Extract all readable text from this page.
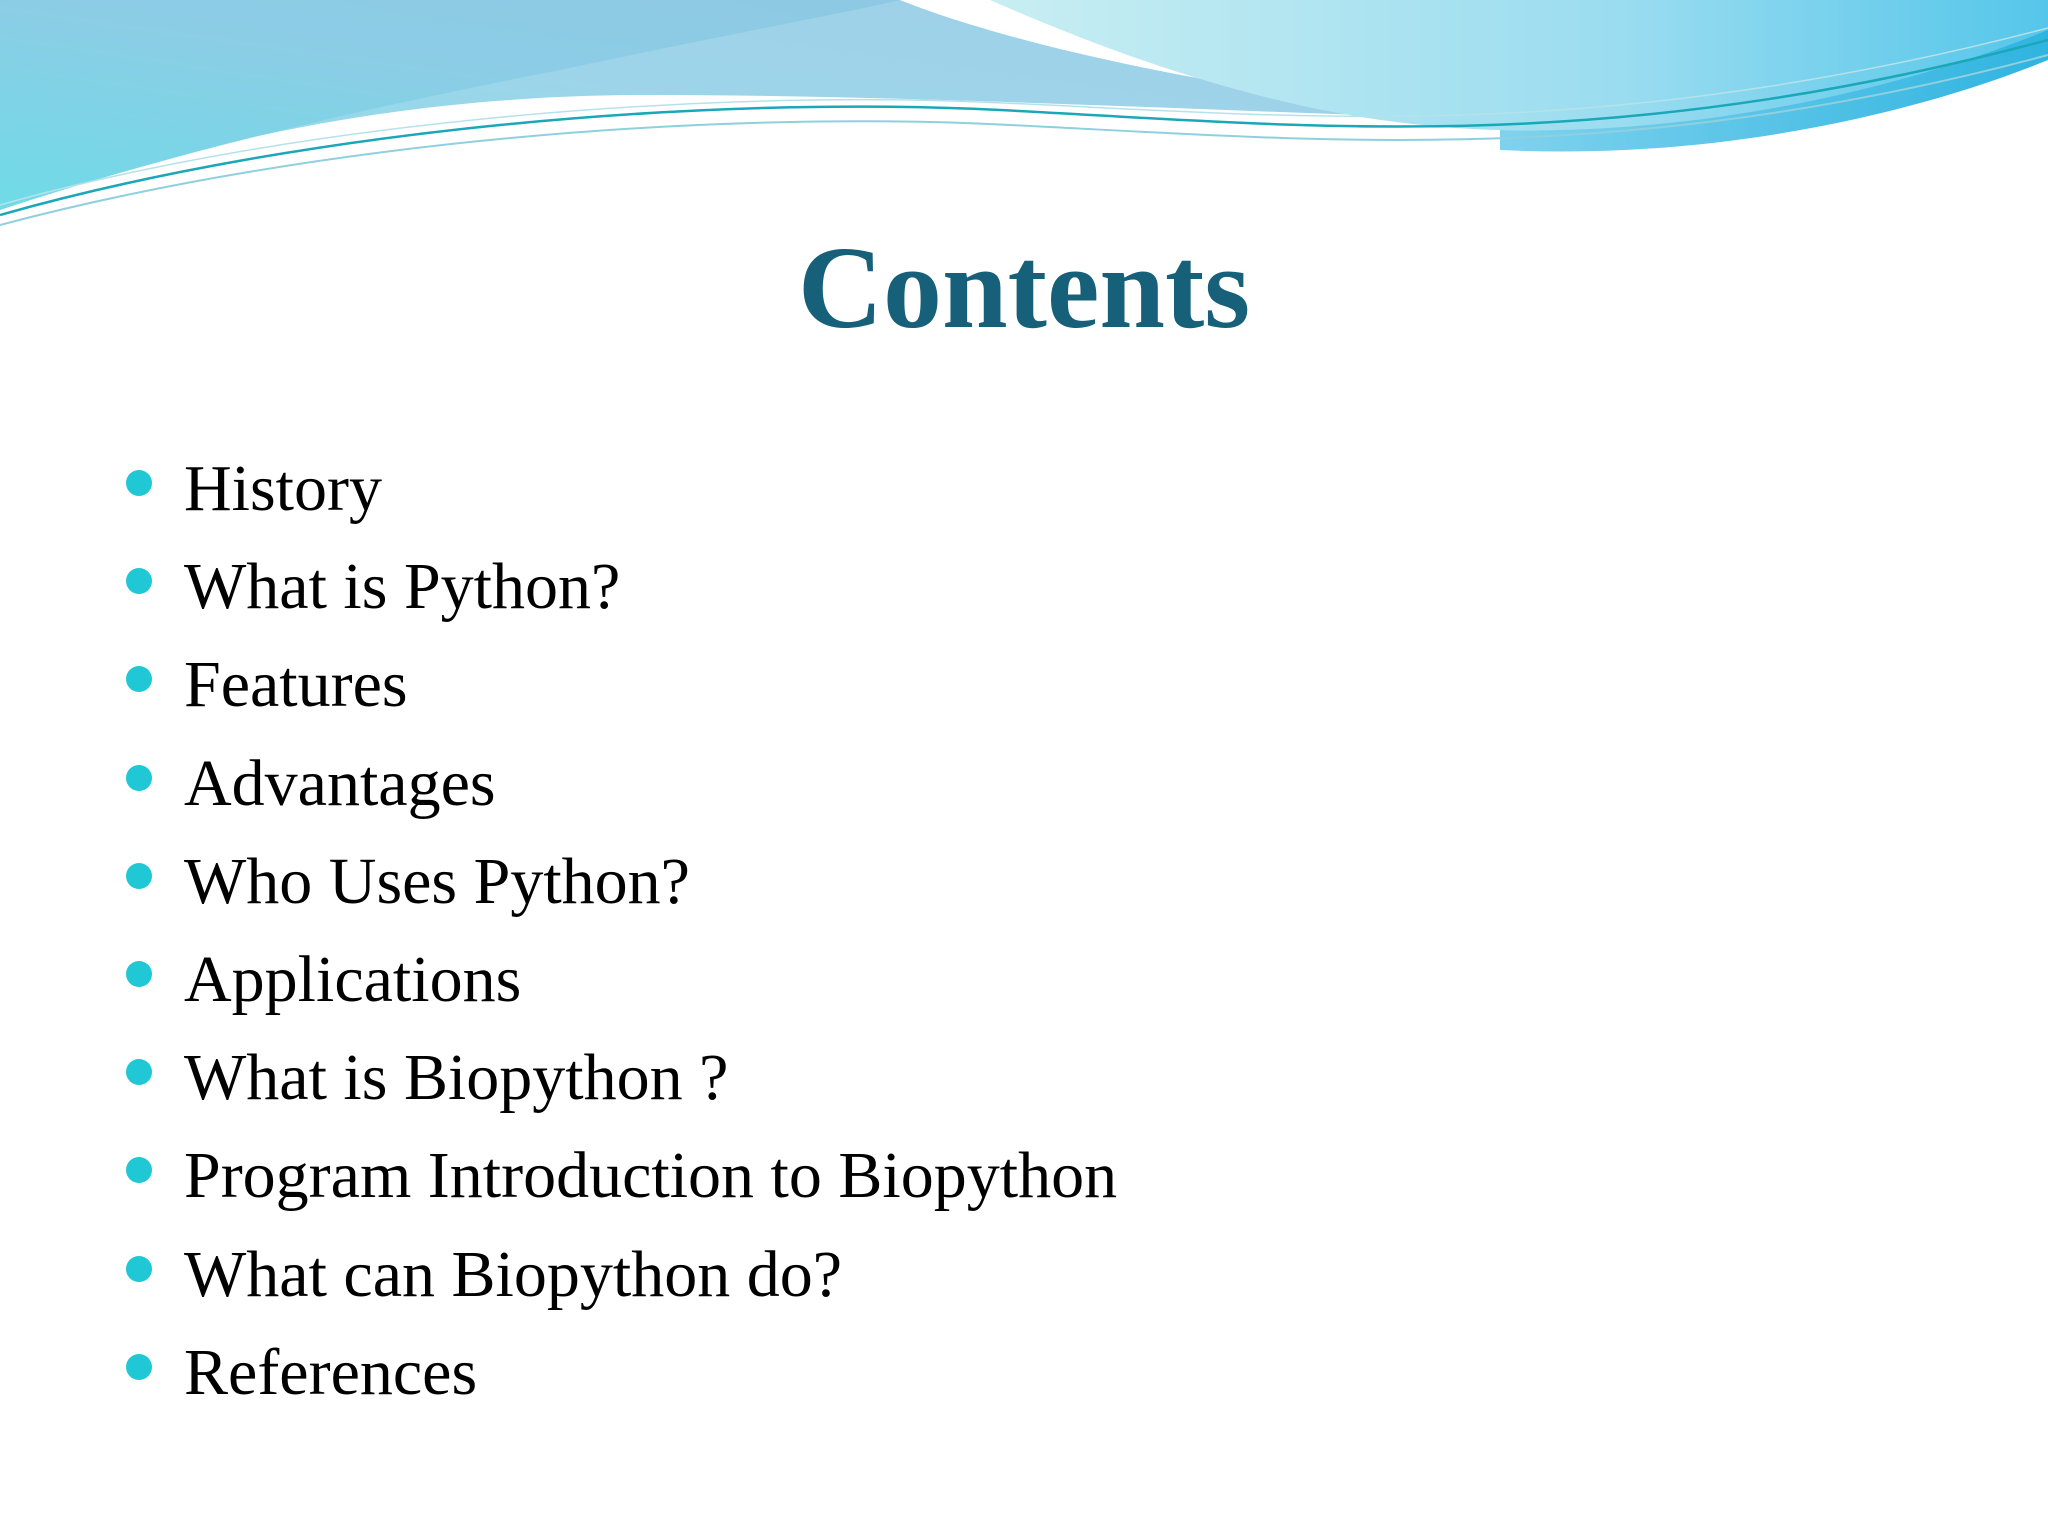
Contents
History
What is Python?
Features
Advantages
Who Uses Python?
Applications
What is Biopython ?
Program Introduction to Biopython
What can Biopython do?
References
